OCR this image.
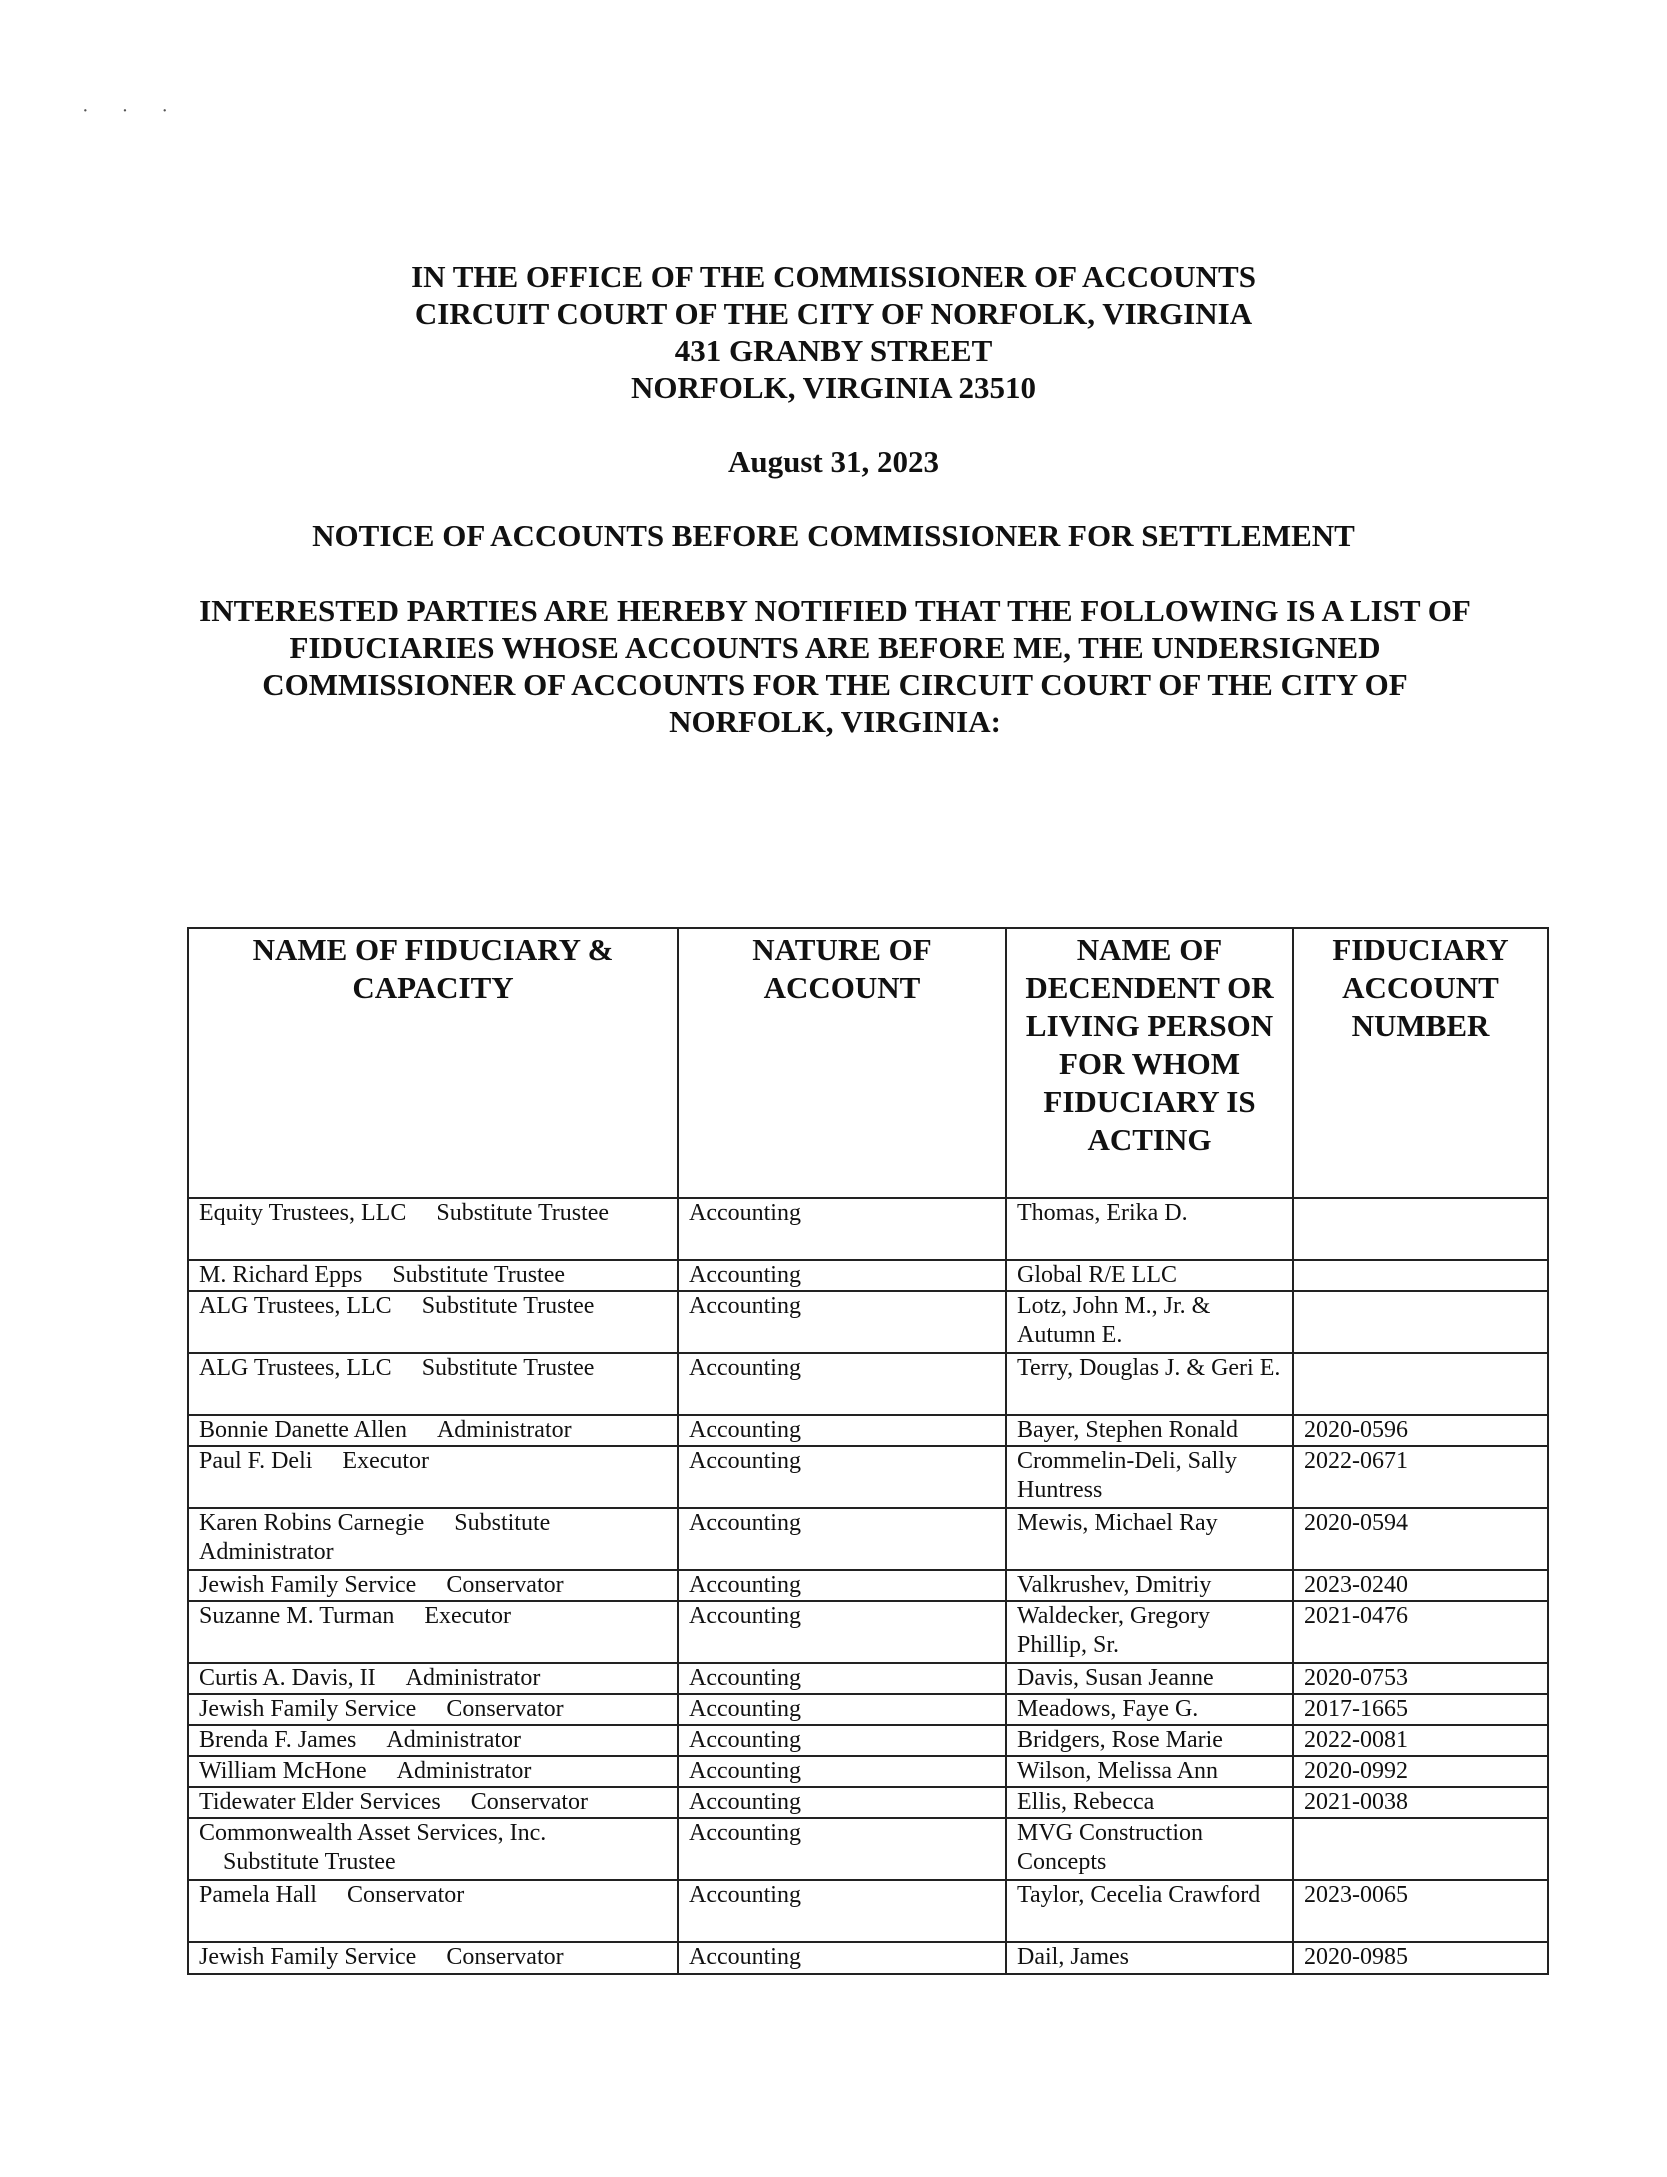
· · ·
IN THE OFFICE OF THE COMMISSIONER OF ACCOUNTS
CIRCUIT COURT OF THE CITY OF NORFOLK, VIRGINIA
431 GRANBY STREET
NORFOLK, VIRGINIA 23510
August 31, 2023
NOTICE OF ACCOUNTS BEFORE COMMISSIONER FOR SETTLEMENT
INTERESTED PARTIES ARE HEREBY NOTIFIED THAT THE FOLLOWING IS A LIST OF FIDUCIARIES WHOSE ACCOUNTS ARE BEFORE ME, THE UNDERSIGNED COMMISSIONER OF ACCOUNTS FOR THE CIRCUIT COURT OF THE CITY OF NORFOLK, VIRGINIA:
NAME OF FIDUCIARY & CAPACITY	NATURE OF ACCOUNT	NAME OF DECENDENT OR LIVING PERSON FOR WHOM FIDUCIARY IS ACTING	FIDUCIARY ACCOUNT NUMBER
Equity Trustees, LLC Substitute Trustee	Accounting	Thomas, Erika D.	
M. Richard Epps Substitute Trustee	Accounting	Global R/E LLC	
ALG Trustees, LLC Substitute Trustee	Accounting	Lotz, John M., Jr. & Autumn E.	
ALG Trustees, LLC Substitute Trustee	Accounting	Terry, Douglas J. & Geri E.	
Bonnie Danette Allen Administrator	Accounting	Bayer, Stephen Ronald	2020-0596
Paul F. Deli Executor	Accounting	Crommelin-Deli, Sally Huntress	2022-0671
Karen Robins Carnegie Substitute Administrator	Accounting	Mewis, Michael Ray	2020-0594
Jewish Family Service Conservator	Accounting	Valkrushev, Dmitriy	2023-0240
Suzanne M. Turman Executor	Accounting	Waldecker, Gregory Phillip, Sr.	2021-0476
Curtis A. Davis, II Administrator	Accounting	Davis, Susan Jeanne	2020-0753
Jewish Family Service Conservator	Accounting	Meadows, Faye G.	2017-1665
Brenda F. James Administrator	Accounting	Bridgers, Rose Marie	2022-0081
William McHone Administrator	Accounting	Wilson, Melissa Ann	2020-0992
Tidewater Elder Services Conservator	Accounting	Ellis, Rebecca	2021-0038
Commonwealth Asset Services, Inc. Substitute Trustee	Accounting	MVG Construction Concepts	
Pamela Hall Conservator	Accounting	Taylor, Cecelia Crawford	2023-0065
Jewish Family Service Conservator	Accounting	Dail, James	2020-0985
